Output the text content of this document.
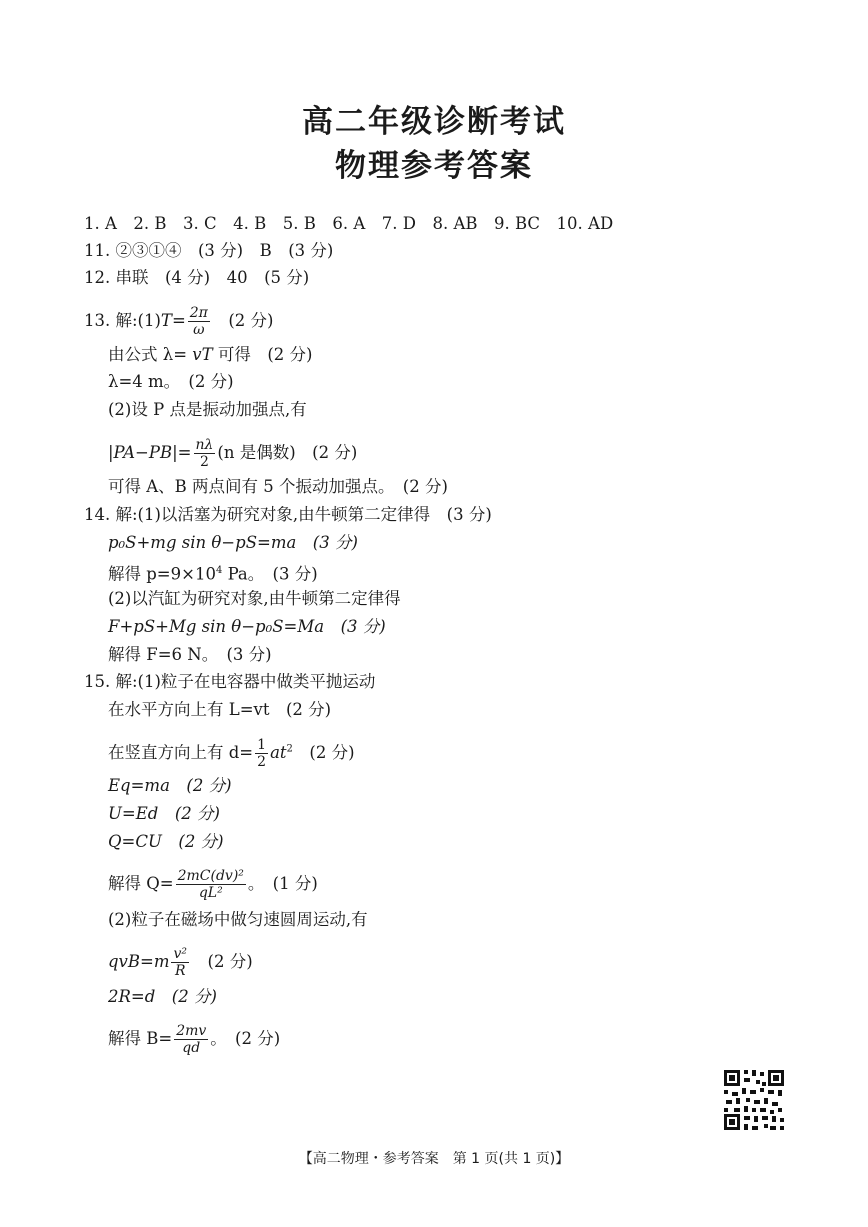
高二年级诊断考试
物理参考答案
1. A　2. B　3. C　4. B　5. B　6. A　7. D　8. AB　9. BC　10. AD
11. ②③①④　(3 分)　B　(3 分)
12. 串联　(4 分)　40　(5 分)
13. 解:(1)T= $\frac{2\pi}{\omega}$ 　(2 分)
由公式 λ= vT 可得　(2 分)
λ=4 m。　(2 分)
(2)设 P 点是振动加强点,有
$|PA-PB|= \frac{n\lambda}{2} (n$ 是偶数)　(2 分)
可得 A、B 两点间有 5 个振动加强点。　(2 分)
14. 解:(1)以活塞为研究对象,由牛顿第二定律得　(3 分)
p₀S+mg sin θ−pS=ma　(3 分)
解得 $p=9\times 10^4$ Pa。　(3 分)
(2)以汽缸为研究对象,由牛顿第二定律得
F+pS+Mg sin θ−p₀S=Ma　(3 分)
解得 F=6 N。　(3 分)
15. 解:(1)粒子在电容器中做类平抛运动
在水平方向上有 L=vt　(2 分)
在竖直方向上有 $d= \frac{1}{2} at^2$　(2 分)
Eq=ma　(2 分)
U=Ed　(2 分)
Q=CU　(2 分)
解得 $Q= \frac{\text{2mC(dv)²}}{\text{qL²}}$ 。　(1 分)
(2)粒子在磁场中做匀速圆周运动,有
$qvB=m \frac{\text{v²}}{R}$ 　(2 分)
2R=d　(2 分)
解得 $B= \frac{2mv}{qd}$ 。　(2 分)
【高二物理・参考答案　第 1 页(共 1 页)】
